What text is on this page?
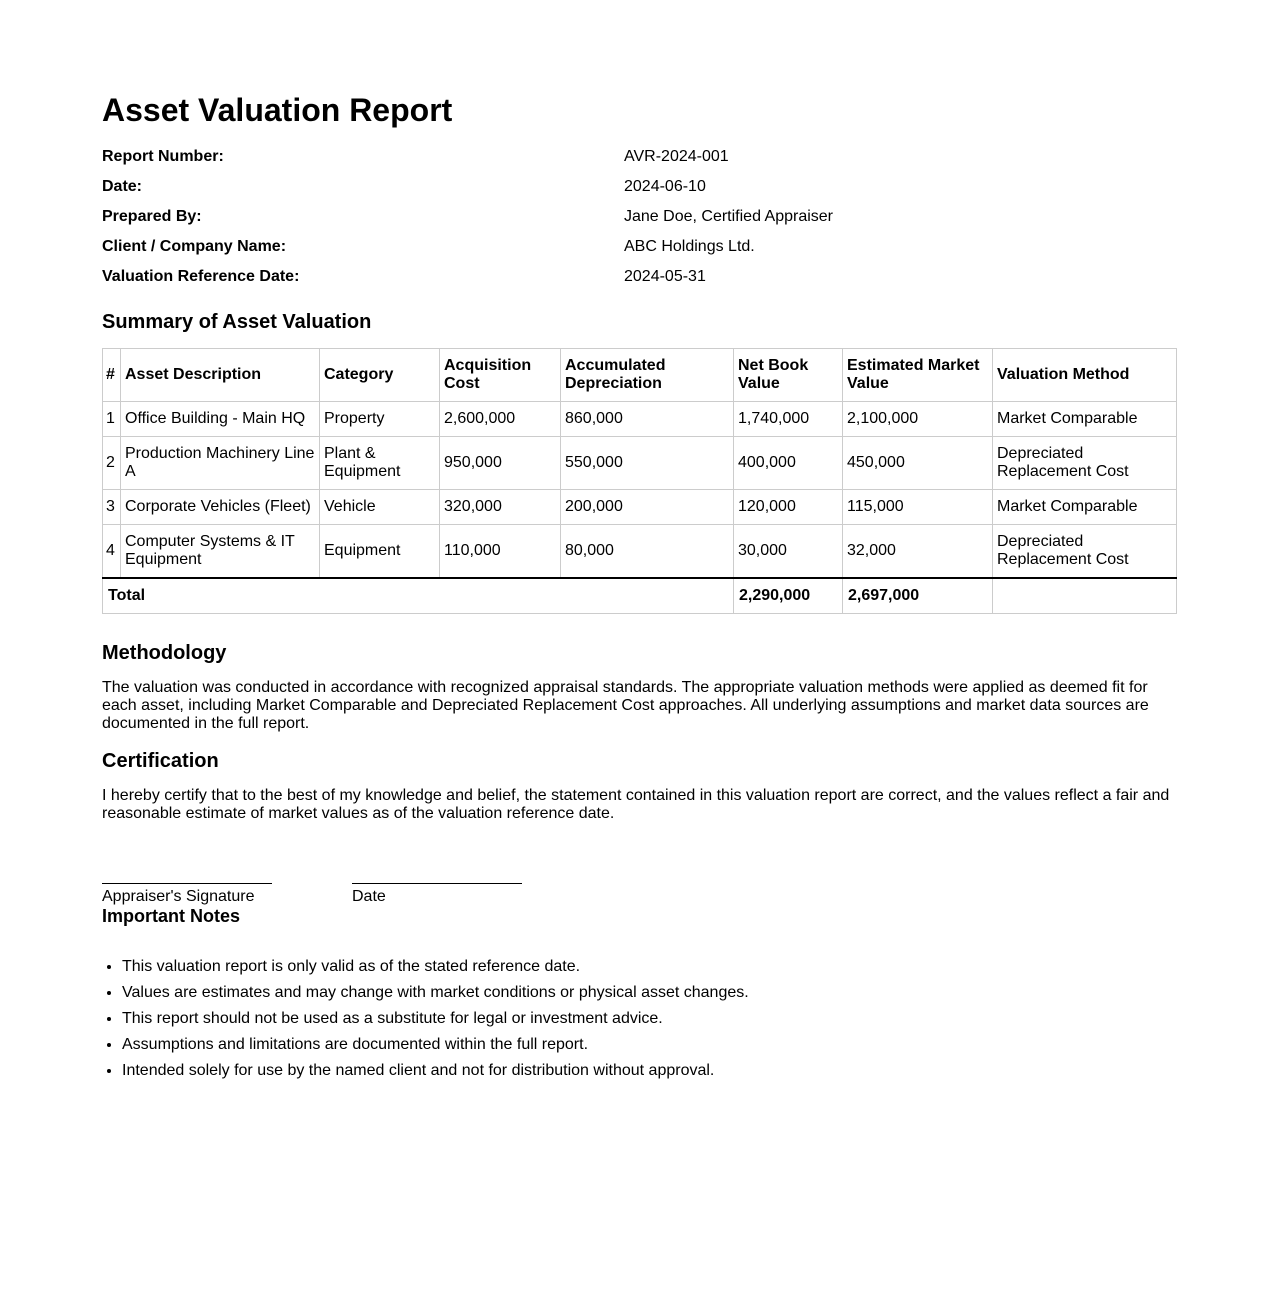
Asset Valuation Report
Report Number:	AVR-2024-001
Date:	2024-06-10
Prepared By:	Jane Doe, Certified Appraiser
Client / Company Name:	ABC Holdings Ltd.
Valuation Reference Date:	2024-05-31
Summary of Asset Valuation
#	Asset Description	Category	Acquisition Cost	Accumulated Depreciation	Net Book Value	Estimated Market Value	Valuation Method
1	Office Building - Main HQ	Property	2,600,000	860,000	1,740,000	2,100,000	Market Comparable
2	Production Machinery Line A	Plant & Equipment	950,000	550,000	400,000	450,000	Depreciated Replacement Cost
3	Corporate Vehicles (Fleet)	Vehicle	320,000	200,000	120,000	115,000	Market Comparable
4	Computer Systems & IT Equipment	Equipment	110,000	80,000	30,000	32,000	Depreciated Replacement Cost
Total					2,290,000	2,697,000	
Methodology

The valuation was conducted in accordance with recognized appraisal standards. The appropriate valuation methods were applied as deemed fit for each asset, including Market Comparable and Depreciated Replacement Cost approaches. All underlying assumptions and market data sources are documented in the full report.

Certification

I hereby certify that to the best of my knowledge and belief, the statement contained in this valuation report are correct, and the values reflect a fair and reasonable estimate of market values as of the valuation reference date.

Appraiser's Signature	Date
Important Notes
• This valuation report is only valid as of the stated reference date.
• Values are estimates and may change with market conditions or physical asset changes.
• This report should not be used as a substitute for legal or investment advice.
• Assumptions and limitations are documented within the full report.
• Intended solely for use by the named client and not for distribution without approval.
